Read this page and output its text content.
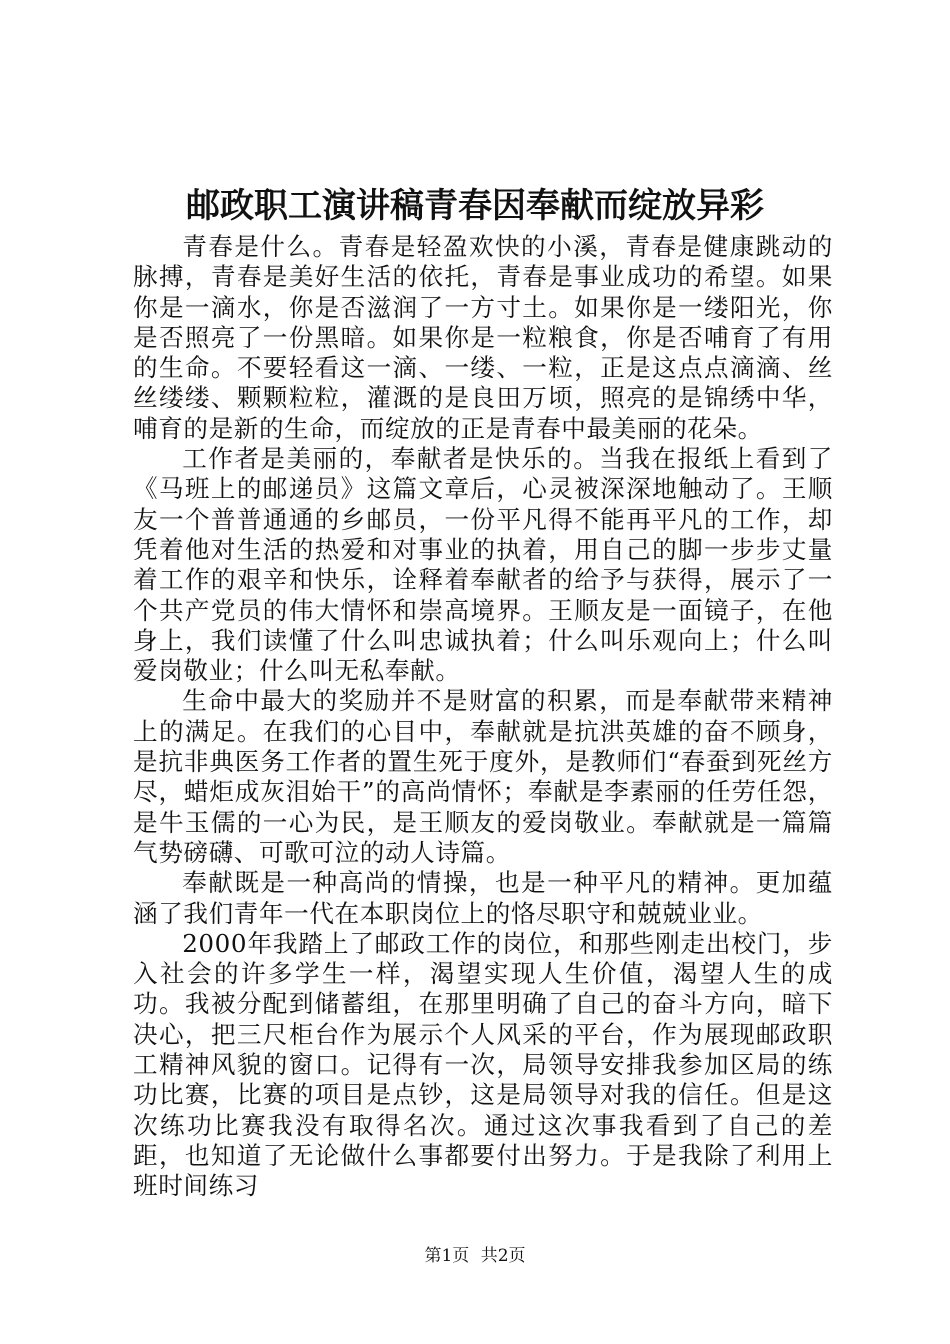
邮政职工演讲稿青春因奉献而绽放异彩

青春是什么。青春是轻盈欢快的小溪，青春是健康跳动的脉搏，青春是美好生活的依托，青春是事业成功的希望。如果你是一滴水，你是否滋润了一方寸土。如果你是一缕阳光，你是否照亮了一份黑暗。如果你是一粒粮食，你是否哺育了有用的生命。不要轻看这一滴、一缕、一粒，正是这点点滴滴、丝丝缕缕、颗颗粒粒，灌溉的是良田万顷，照亮的是锦绣中华，哺育的是新的生命，而绽放的正是青春中最美丽的花朵。

工作者是美丽的，奉献者是快乐的。当我在报纸上看到了《马班上的邮递员》这篇文章后，心灵被深深地触动了。王顺友一个普普通通的乡邮员，一份平凡得不能再平凡的工作，却凭着他对生活的热爱和对事业的执着，用自己的脚一步步丈量着工作的艰辛和快乐，诠释着奉献者的给予与获得，展示了一个共产党员的伟大情怀和崇高境界。王顺友是一面镜子，在他身上，我们读懂了什么叫忠诚执着；什么叫乐观向上；什么叫爱岗敬业；什么叫无私奉献。

生命中最大的奖励并不是财富的积累，而是奉献带来精神上的满足。在我们的心目中，奉献就是抗洪英雄的奋不顾身，是抗非典医务工作者的置生死于度外，是教师们“春蚕到死丝方尽，蜡炬成灰泪始干”的高尚情怀；奉献是李素丽的任劳任怨，是牛玉儒的一心为民，是王顺友的爱岗敬业。奉献就是一篇篇气势磅礴、可歌可泣的动人诗篇。

奉献既是一种高尚的情操，也是一种平凡的精神。更加蕴涵了我们青年一代在本职岗位上的恪尽职守和兢兢业业。

2000年我踏上了邮政工作的岗位，和那些刚走出校门，步入社会的许多学生一样，渴望实现人生价值，渴望人生的成功。我被分配到储蓄组，在那里明确了自己的奋斗方向，暗下决心，把三尺柜台作为展示个人风采的平台，作为展现邮政职工精神风貌的窗口。记得有一次，局领导安排我参加区局的练功比赛，比赛的项目是点钞，这是局领导对我的信任。但是这次练功比赛我没有取得名次。通过这次事我看到了自己的差距，也知道了无论做什么事都要付出努力。于是我除了利用上班时间练习

第1页 共2页
